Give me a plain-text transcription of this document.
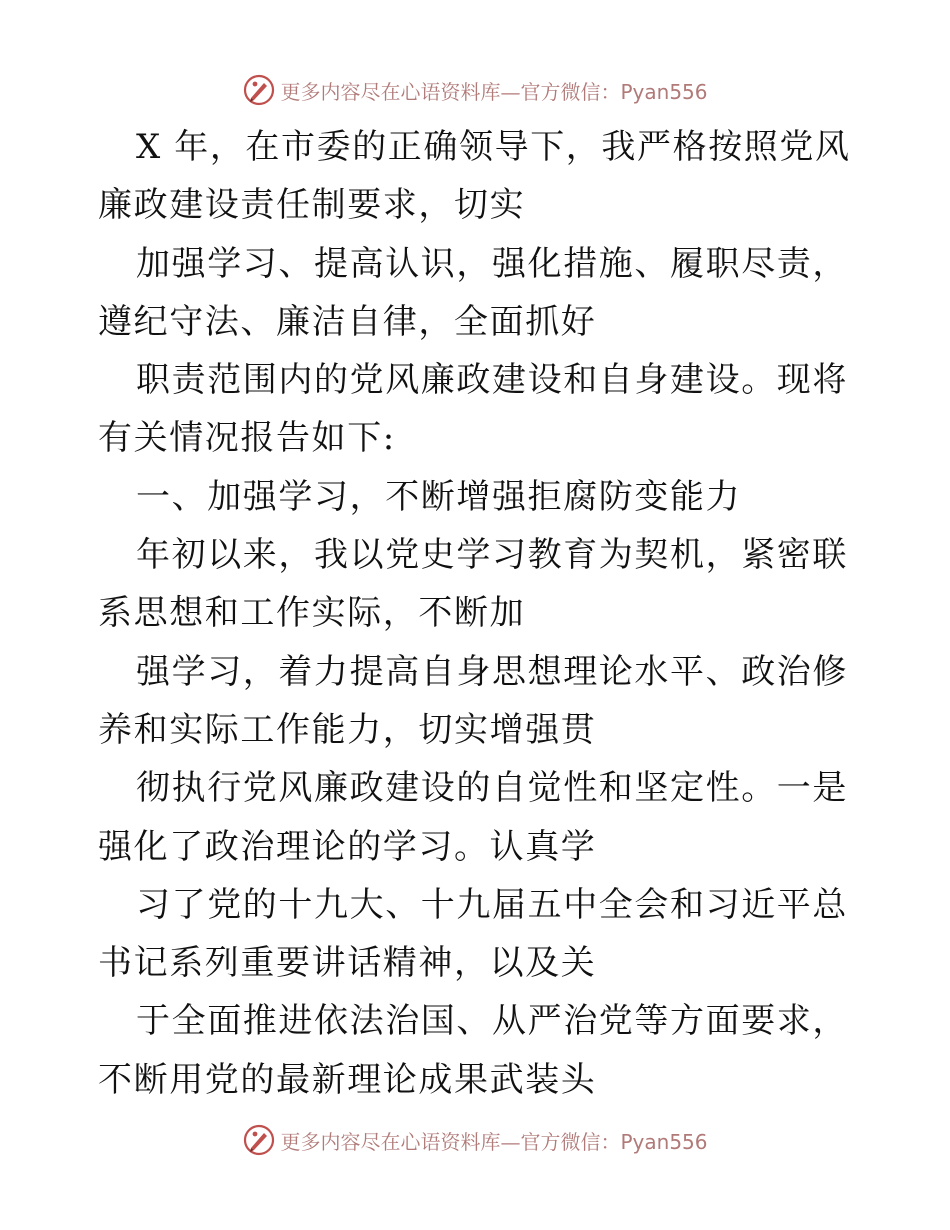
更多内容尽在心语资料库—官方微信：Pyan556

X 年，在市委的正确领导下，我严格按照党风廉政建设责任制要求，切实

加强学习、提高认识，强化措施、履职尽责，遵纪守法、廉洁自律，全面抓好

职责范围内的党风廉政建设和自身建设。现将有关情况报告如下:

一、加强学习，不断增强拒腐防变能力

年初以来，我以党史学习教育为契机，紧密联系思想和工作实际，不断加

强学习，着力提高自身思想理论水平、政治修养和实际工作能力，切实增强贯

彻执行党风廉政建设的自觉性和坚定性。一是强化了政治理论的学习。认真学

习了党的十九大、十九届五中全会和习近平总书记系列重要讲话精神，以及关

于全面推进依法治国、从严治党等方面要求，不断用党的最新理论成果武装头

更多内容尽在心语资料库—官方微信：Pyan556
